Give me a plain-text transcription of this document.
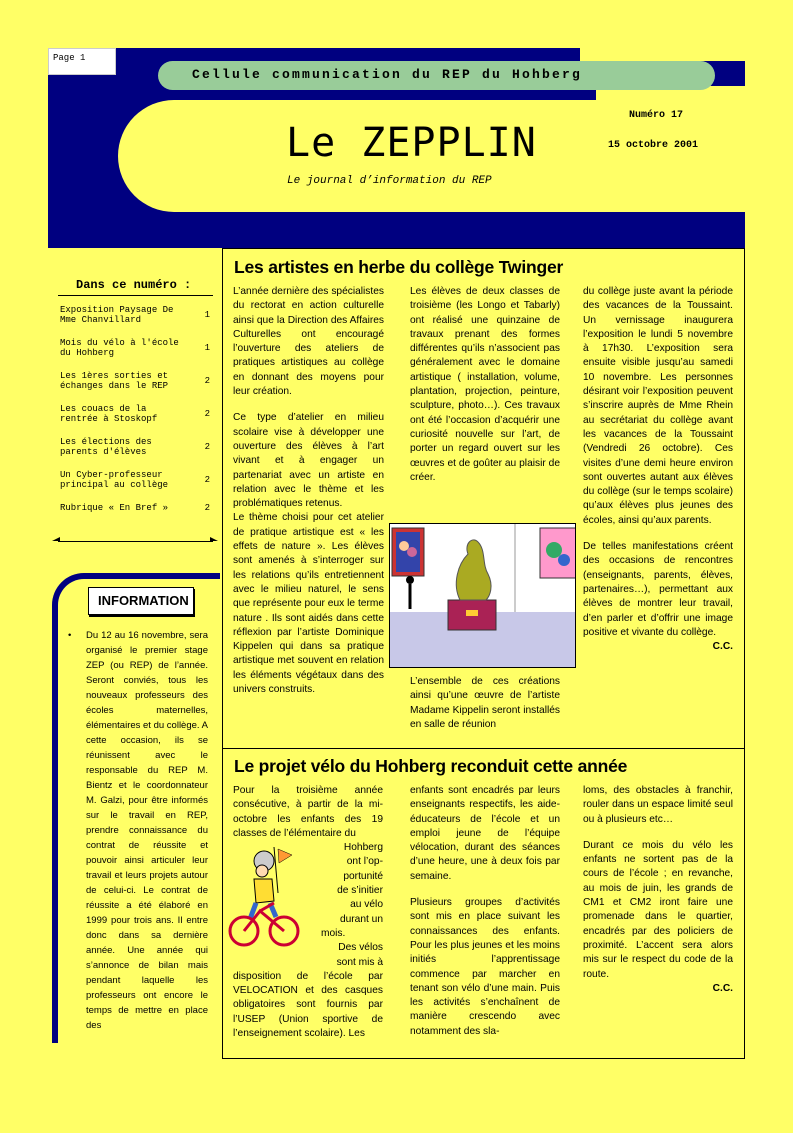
Cellule communication du REP du Hohberg
Page 1
Le ZEPPLIN
Le journal d’information du REP
Numéro 17
15 octobre 2001
Dans ce numéro :
Exposition Paysage De Mme Chanvillard	1
Mois du vélo à l'école du Hohberg	1
Les 1ères sorties et échanges dans le REP	2
Les couacs de la rentrée à Stoskopf	2
Les élections des parents d'élèves	2
Un Cyber-professeur principal au collège	2
Rubrique « En Bref »	2
INFORMATION
•	Du 12 au 16 novembre, sera organisé le premier stage ZEP (ou REP) de l’année. Seront conviés, tous les nouveaux professeurs des écoles maternelles, élémentaires et du collège. A cette occasion, ils se réunissent avec le responsable du REP M. Bientz et le coordonnateur M. Galzi, pour être informés sur le travail en REP, prendre connaissance du contrat de réussite et pouvoir ainsi articuler leur travail et leurs projets autour de celui-ci. Le contrat de réussite a été élaboré en 1999 pour trois ans. Il entre donc dans sa dernière année. Une année qui s’annonce de bilan mais pendant laquelle les professeurs ont encore le temps de mettre en place des

Les artistes en herbe du collège Twinger

L’année dernière des spécialistes du rectorat en action culturelle ainsi que la Direction des Affaires Culturelles ont encouragé l’ouverture des ateliers de pratiques artistiques au collège en donnant des moyens pour leur création.

Ce type d’atelier en milieu scolaire vise à développer une ouverture des élèves à l’art vivant et à engager un partenariat avec un artiste en relation avec le thème et les problématiques retenus.

Le thème choisi pour cet atelier de pratique artistique est « les effets de nature ». Les élèves sont amenés à s’interroger sur les relations qu’ils entretiennent avec le milieu naturel, le sens que représente pour eux le terme nature . Ils sont aidés dans cette réflexion par l’artiste Dominique Kippelen qui dans sa pratique artistique met souvent en relation les éléments végétaux dans des univers construits.

Les élèves de deux classes de troisième (les Longo et Tabarly) ont réalisé une quinzaine de travaux prenant des formes différentes qu’ils n’associent pas généralement avec le domaine artistique ( installation, volume, plantation, projection, peinture, sculpture, photo…). Ces travaux ont été l’occasion d’acquérir une curiosité nouvelle sur l’art, de porter un regard ouvert sur les œuvres et de goûter au plaisir de créer.

L’ensemble de ces créations ainsi qu’une œuvre de l’artiste Madame Kippelin seront installés en salle de réunion

du collège juste avant la période des vacances de la Toussaint. Un vernissage inaugurera l’exposition le lundi 5 novembre à 17h30. L’exposition sera ensuite visible jusqu’au samedi 10 novembre. Les personnes désirant voir l’exposition peuvent s’inscrire auprès de Mme Rhein au secrétariat du collège avant les vacances de la Toussaint (Vendredi 26 octobre). Ces visites d’une demi heure environ sont ouvertes autant aux élèves du collège (sur le temps scolaire) qu’aux élèves plus jeunes des écoles, ainsi qu’aux parents.

De telles manifestations créent des occasions de rencontres (enseignants, parents, élèves, partenaires…), permettant aux élèves de montrer leur travail, d’en parler et d’offrir une image positive et vivante du collège.

C.C.
Le projet vélo du Hohberg reconduit cette année

Pour la troisième année consécutive, à partir de la mi-octobre les enfants des 19 classes de l’élémentaire du

Hohberg
ont l’op-
portunité
de s’initier
au vélo
durant un
mois.
Des vélos
sont mis à

disposition de l’école par VELOCATION et des casques obligatoires sont fournis par l’USEP (Union sportive de l’enseignement scolaire). Les

enfants sont encadrés par leurs enseignants respectifs, les aide-éducateurs de l’école et un emploi jeune de l’équipe vélocation, durant des séances d’une heure, une à deux fois par semaine.

Plusieurs groupes d’activités sont mis en place suivant les connaissances des enfants. Pour les plus jeunes et les moins initiés l’apprentissage commence par marcher en tenant son vélo d’une main. Puis les activités s’enchaînent de manière crescendo avec notamment des sla-

loms, des obstacles à franchir, rouler dans un espace limité seul ou à plusieurs etc…

Durant ce mois du vélo les enfants ne sortent pas de la cours de l’école ; en revanche, au mois de juin, les grands de CM1 et CM2 iront faire une promenade dans le quartier, encadrés par des policiers de proximité. L’accent sera alors mis sur le respect du code de la route.

C.C.
